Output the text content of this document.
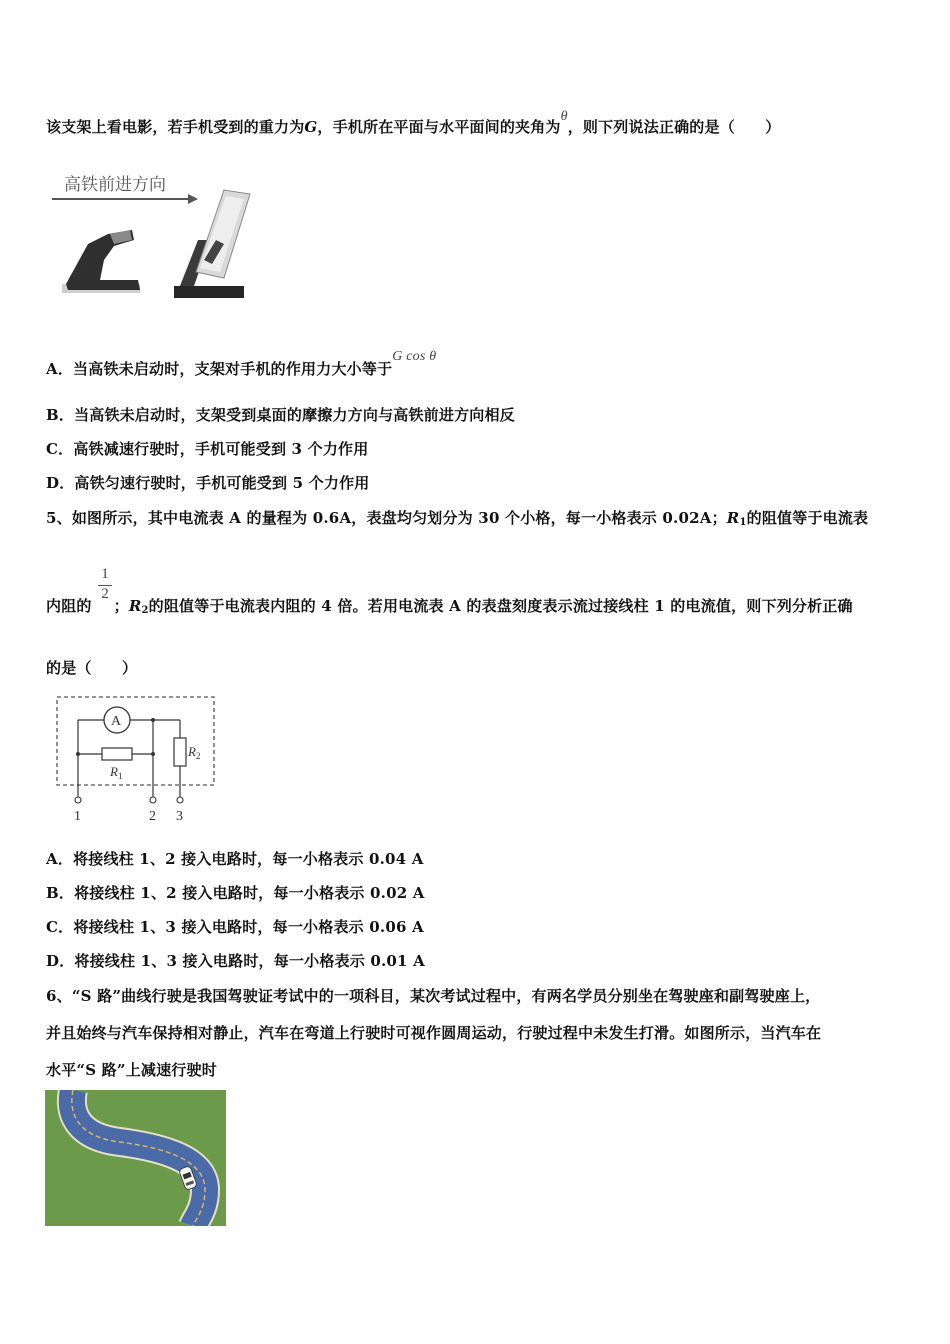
该支架上看电影，若手机受到的重力为G，手机所在平面与水平面间的夹角为θ，则下列说法正确的是（　　）
高铁前进方向
θ
A．当高铁未启动时，支架对手机的作用力大小等于G cos θ
B．当高铁未启动时，支架受到桌面的摩擦力方向与高铁前进方向相反
C．高铁减速行驶时，手机可能受到 3 个力作用
D．高铁匀速行驶时，手机可能受到 5 个力作用
5、如图所示，其中电流表 A 的量程为 0.6A，表盘均匀划分为 30 个小格，每一小格表示 0.02A；$R_1$的阻值等于电流表
$\frac{1}{2}$
内阻的 ；$R_2$的阻值等于电流表内阻的 4 倍。若用电流表 A 的表盘刻度表示流过接线柱 1 的电流值，则下列分析正确
的是（　　）
A
$R_1$
$R_2$
1	2 3
A．将接线柱 1、2 接入电路时，每一小格表示 0.04 A
B．将接线柱 1、2 接入电路时，每一小格表示 0.02 A
C．将接线柱 1、3 接入电路时，每一小格表示 0.06 A
D．将接线柱 1、3 接入电路时，每一小格表示 0.01 A
6、“S 路”曲线行驶是我国驾驶证考试中的一项科目，某次考试过程中，有两名学员分别坐在驾驶座和副驾驶座上，
并且始终与汽车保持相对静止，汽车在弯道上行驶时可视作圆周运动，行驶过程中未发生打滑。如图所示，当汽车在
水平“S 路”上减速行驶时
